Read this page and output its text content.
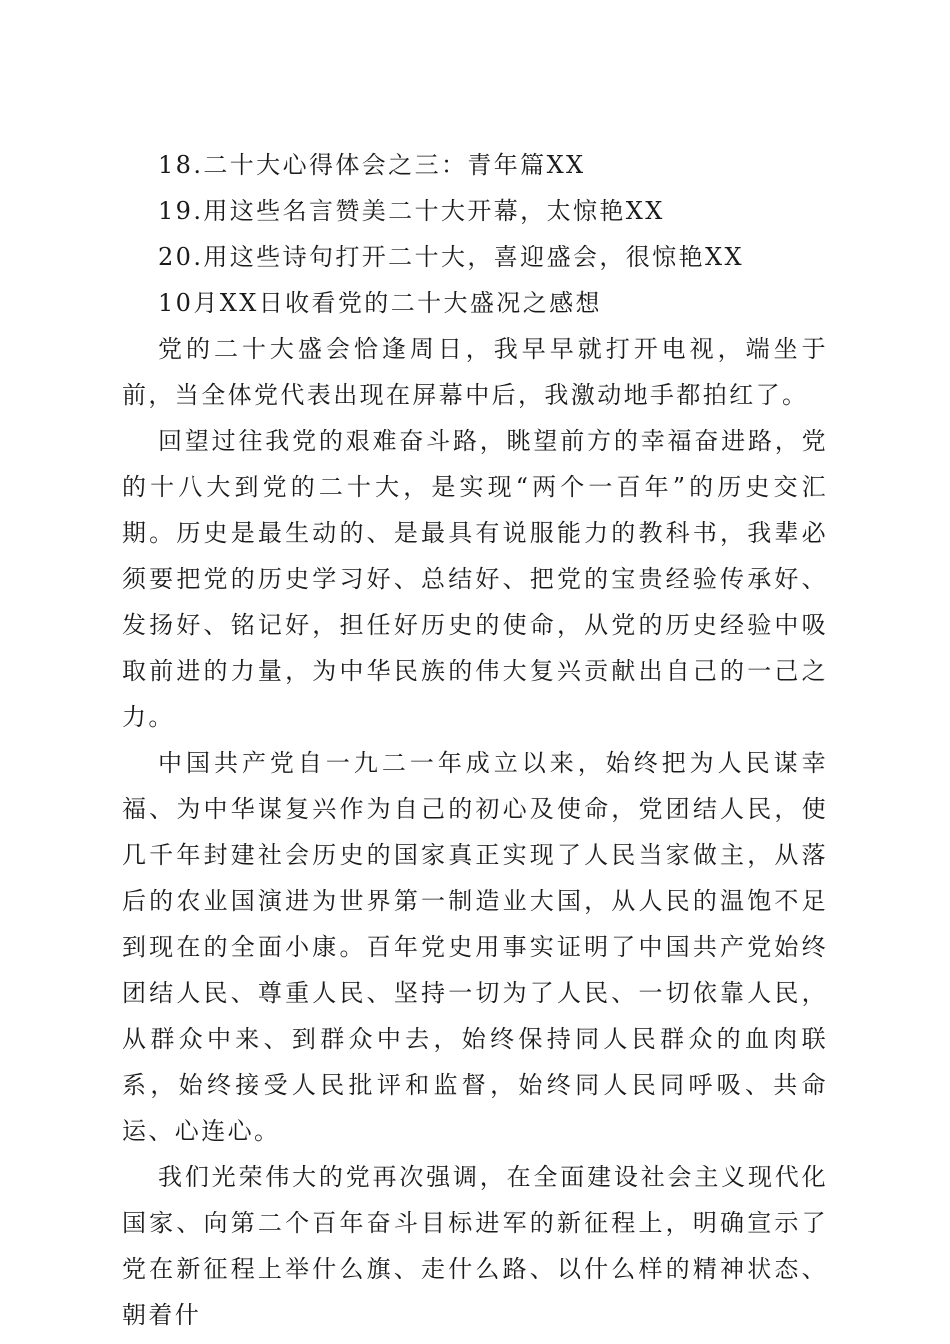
18.二十大心得体会之三：青年篇XX

19.用这些名言赞美二十大开幕，太惊艳XX

20.用这些诗句打开二十大，喜迎盛会，很惊艳XX

10月XX日收看党的二十大盛况之感想

党的二十大盛会恰逢周日，我早早就打开电视，端坐于前，当全体党代表出现在屏幕中后，我激动地手都拍红了。

回望过往我党的艰难奋斗路，眺望前方的幸福奋进路，党的十八大到党的二十大，是实现“两个一百年”的历史交汇期。历史是最生动的、是最具有说服能力的教科书，我辈必须要把党的历史学习好、总结好、把党的宝贵经验传承好、发扬好、铭记好，担任好历史的使命，从党的历史经验中吸取前进的力量，为中华民族的伟大复兴贡献出自己的一己之力。

中国共产党自一九二一年成立以来，始终把为人民谋幸福、为中华谋复兴作为自己的初心及使命，党团结人民，使几千年封建社会历史的国家真正实现了人民当家做主，从落后的农业国演进为世界第一制造业大国，从人民的温饱不足到现在的全面小康。百年党史用事实证明了中国共产党始终团结人民、尊重人民、坚持一切为了人民、一切依靠人民，从群众中来、到群众中去，始终保持同人民群众的血肉联系，始终接受人民批评和监督，始终同人民同呼吸、共命运、心连心。

我们光荣伟大的党再次强调，在全面建设社会主义现代化国家、向第二个百年奋斗目标进军的新征程上，明确宣示了党在新征程上举什么旗、走什么路、以什么样的精神状态、朝着什
